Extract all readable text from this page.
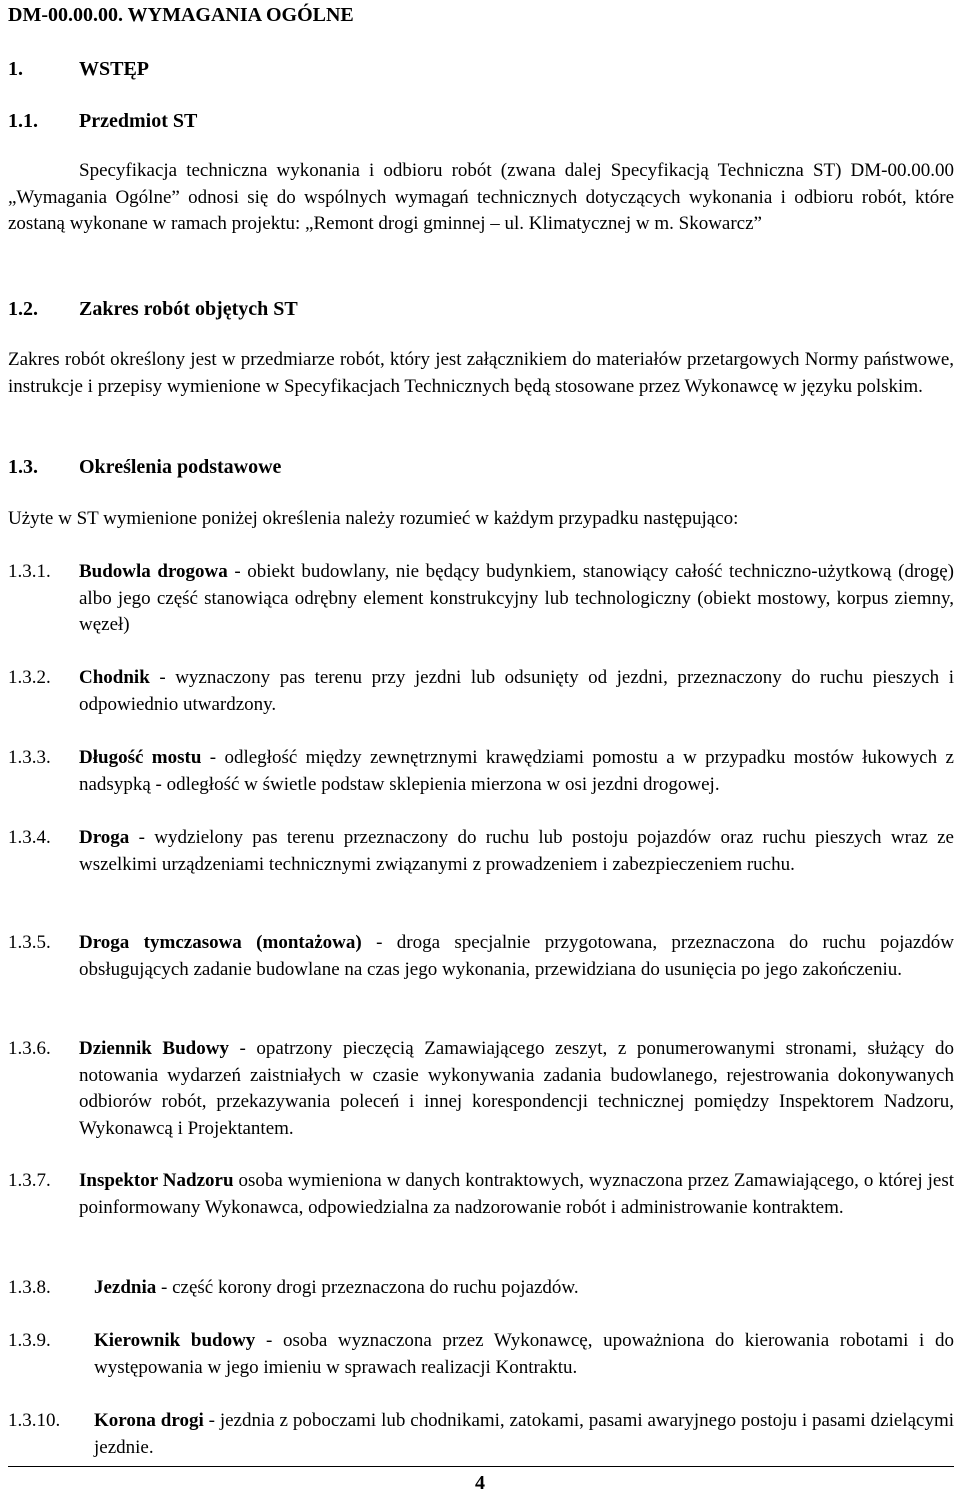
DM-00.00.00. WYMAGANIA OGÓLNE
1.	WSTĘP
1.1. Przedmiot ST
Specyfikacja techniczna wykonania i odbioru robót (zwana dalej Specyfikacją Techniczna ST) DM-00.00.00 „Wymagania Ogólne” odnosi się do wspólnych wymagań technicznych dotyczących wykonania i odbioru robót, które zostaną wykonane w ramach projektu: „Remont drogi gminnej – ul. Klimatycznej w m. Skowarcz”
1.2. Zakres robót objętych ST
Zakres robót określony jest w przedmiarze robót, który jest załącznikiem do materiałów przetargowych Normy państwowe, instrukcje i przepisy wymienione w Specyfikacjach Technicznych będą stosowane przez Wykonawcę w języku polskim.
1.3. Określenia podstawowe
Użyte w ST wymienione poniżej określenia należy rozumieć w każdym przypadku następująco:
1.3.1. Budowla drogowa - obiekt budowlany, nie będący budynkiem, stanowiący całość techniczno-użytkową (drogę) albo jego część stanowiąca odrębny element konstrukcyjny lub technologiczny (obiekt mostowy, korpus ziemny, węzeł)
1.3.2. Chodnik - wyznaczony pas terenu przy jezdni lub odsunięty od jezdni, przeznaczony do ruchu pieszych i odpowiednio utwardzony.
1.3.3. Długość mostu - odległość między zewnętrznymi krawędziami pomostu a w przypadku mostów łukowych z nadsypką - odległość w świetle podstaw sklepienia mierzona w osi jezdni drogowej.
1.3.4. Droga - wydzielony pas terenu przeznaczony do ruchu lub postoju pojazdów oraz ruchu pieszych wraz ze wszelkimi urządzeniami technicznymi związanymi z prowadzeniem i zabezpieczeniem ruchu.
1.3.5. Droga tymczasowa (montażowa) - droga specjalnie przygotowana, przeznaczona do ruchu pojazdów obsługujących zadanie budowlane na czas jego wykonania, przewidziana do usunięcia po jego zakończeniu.
1.3.6. Dziennik Budowy - opatrzony pieczęcią Zamawiającego zeszyt, z ponumerowanymi stronami, służący do notowania wydarzeń zaistniałych w czasie wykonywania zadania budowlanego, rejestrowania dokonywanych odbiorów robót, przekazywania poleceń i innej korespondencji technicznej pomiędzy Inspektorem Nadzoru, Wykonawcą i Projektantem.
1.3.7. Inspektor Nadzoru osoba wymieniona w danych kontraktowych, wyznaczona przez Zamawiającego, o której jest poinformowany Wykonawca, odpowiedzialna za nadzorowanie robót i administrowanie kontraktem.
1.3.8. Jezdnia - część korony drogi przeznaczona do ruchu pojazdów.
1.3.9. Kierownik budowy - osoba wyznaczona przez Wykonawcę, upoważniona do kierowania robotami i do występowania w jego imieniu w sprawach realizacji Kontraktu.
1.3.10. Korona drogi - jezdnia z poboczami lub chodnikami, zatokami, pasami awaryjnego postoju i pasami dzielącymi jezdnie.
4
